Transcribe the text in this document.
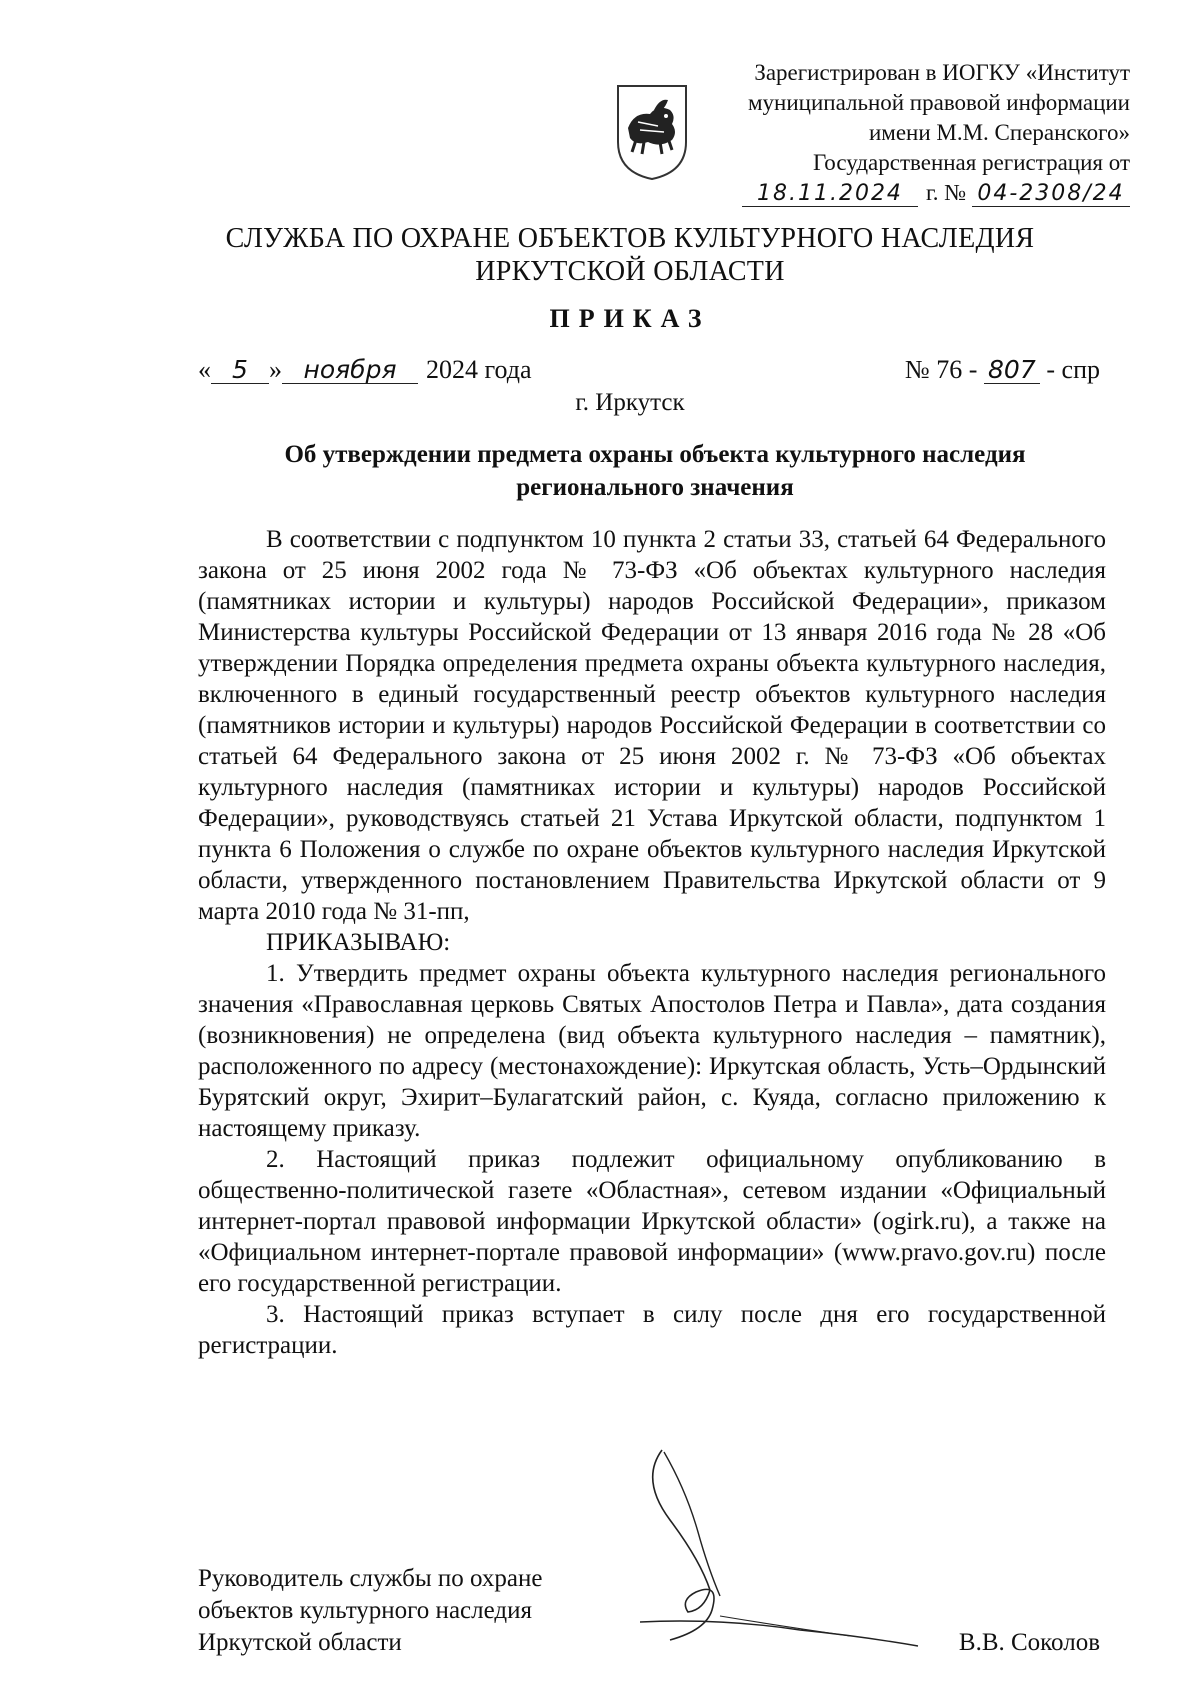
Зарегистрирован в ИОГКУ «Институт
муниципальной правовой информации
имени М.М. Сперанского»
Государственная регистрация от
18.11.2024 г. № 04-2308/24
СЛУЖБА ПО ОХРАНЕ ОБЪЕКТОВ КУЛЬТУРНОГО НАСЛЕДИЯ
ИРКУТСКОЙ ОБЛАСТИ
ПРИКАЗ
« 5 » ноября 2024 года	№ 76 - 807 - спр
г. Иркутск
Об утверждении предмета охраны объекта культурного наследия
регионального значения

В соответствии с подпунктом 10 пункта 2 статьи 33, статьей 64 Федерального закона от 25 июня 2002 года № 73-ФЗ «Об объектах культурного наследия (памятниках истории и культуры) народов Российской Федерации», приказом Министерства культуры Российской Федерации от 13 января 2016 года № 28 «Об утверждении Порядка определения предмета охраны объекта культурного наследия, включенного в единый государственный реестр объектов культурного наследия (памятников истории и культуры) народов Российской Федерации в соответствии со статьей 64 Федерального закона от 25 июня 2002 г. № 73-ФЗ «Об объектах культурного наследия (памятниках истории и культуры) народов Российской Федерации», руководствуясь статьей 21 Устава Иркутской области, подпунктом 1 пункта 6 Положения о службе по охране объектов культурного наследия Иркутской области, утвержденного постановлением Правительства Иркутской области от 9 марта 2010 года № 31-пп,

ПРИКАЗЫВАЮ:

1. Утвердить предмет охраны объекта культурного наследия регионального значения «Православная церковь Святых Апостолов Петра и Павла», дата создания (возникновения) не определена (вид объекта культурного наследия – памятник), расположенного по адресу (местонахождение): Иркутская область, Усть–Ордынский Бурятский округ, Эхирит–Булагатский район, с. Куяда, согласно приложению к настоящему приказу.

2. Настоящий приказ подлежит официальному опубликованию в общественно-политической газете «Областная», сетевом издании «Официальный интернет-портал правовой информации Иркутской области» (ogirk.ru), а также на «Официальном интернет-портале правовой информации» (www.pravo.gov.ru) после его государственной регистрации.

3. Настоящий приказ вступает в силу после дня его государственной регистрации.

Руководитель службы по охране
объектов культурного наследия
Иркутской области	В.В. Соколов
